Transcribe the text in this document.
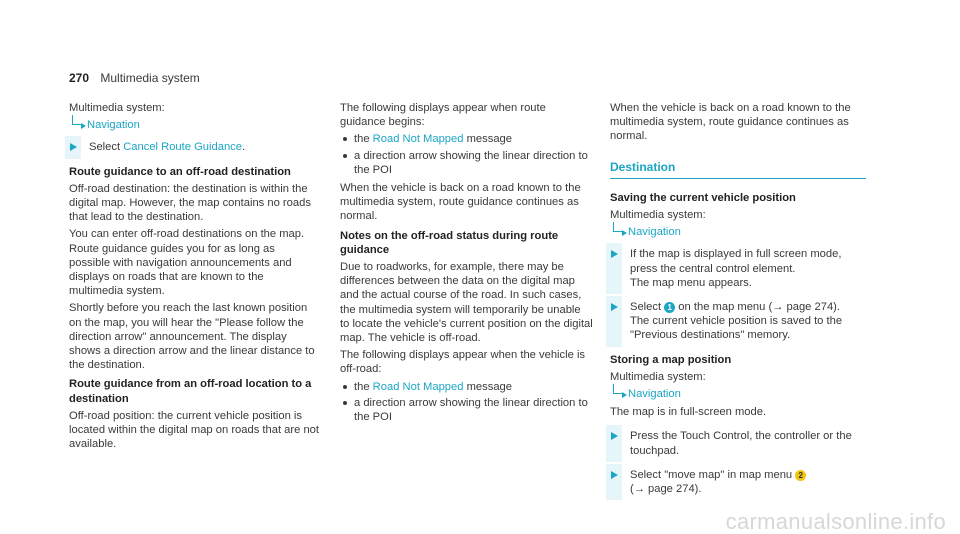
270 Multimedia system

Multimedia system:

Navigation
Select Cancel Route Guidance.

Route guidance to an off-road destination

Off-road destination: the destination is within the digital map. However, the map contains no roads that lead to the destination.

You can enter off-road destinations on the map. Route guidance guides you for as long as possible with navigation announcements and displays on roads that are known to the multimedia system.

Shortly before you reach the last known position on the map, you will hear the "Please follow the direction arrow" announcement. The display shows a direction arrow and the linear distance to the destination.

Route guidance from an off-road location to a destination

Off-road position: the current vehicle position is located within the digital map on roads that are not available.

The following displays appear when route guidance begins:

the Road Not Mapped message
a direction arrow showing the linear direction to the POI

When the vehicle is back on a road known to the multimedia system, route guidance continues as normal.

Notes on the off-road status during route guidance

Due to roadworks, for example, there may be differences between the data on the digital map and the actual course of the road. In such cases, the multimedia system will temporarily be unable to locate the vehicle's current position on the digital map. The vehicle is off-road.

The following displays appear when the vehicle is off-road:

the Road Not Mapped message
a direction arrow showing the linear direction to the POI

When the vehicle is back on a road known to the multimedia system, route guidance continues as normal.

Destination

Saving the current vehicle position

Multimedia system:

Navigation
If the map is displayed in full screen mode, press the central control element.
The map menu appears.
Select 1 on the map menu (→ page 274).
The current vehicle position is saved to the "Previous destinations" memory.

Storing a map position

Multimedia system:

Navigation

The map is in full-screen mode.

Press the Touch Control, the controller or the touchpad.
Select "move map" in map menu 2
(→ page 274).
carmanualsonline.info
